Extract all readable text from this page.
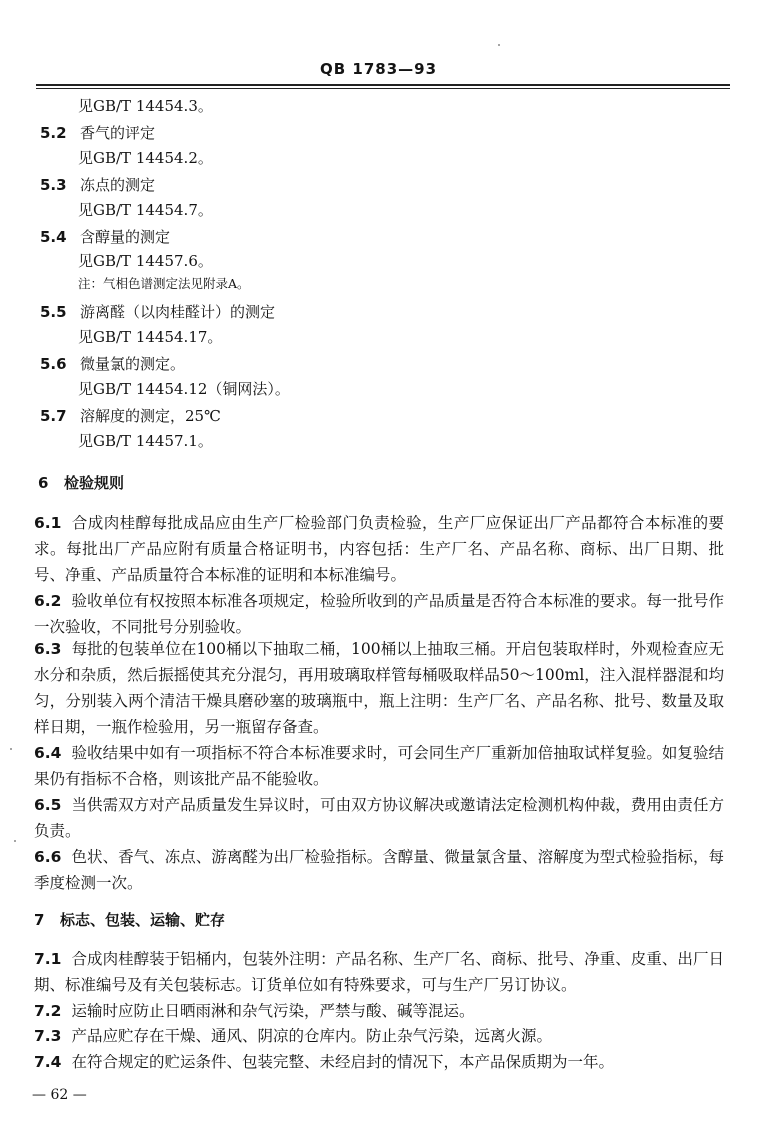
QB 1783—93
见GB/T 14454.3。
5.2 香气的评定
见GB/T 14454.2。
5.3 冻点的测定
见GB/T 14454.7。
5.4 含醇量的测定
见GB/T 14457.6。
注：气相色谱测定法见附录A。
5.5 游离醛（以肉桂醛计）的测定
见GB/T 14454.17。
5.6 微量氯的测定。
见GB/T 14454.12（铜网法）。
5.7 溶解度的测定，25℃
见GB/T 14457.1。
6 检验规则
6.1 合成肉桂醇每批成品应由生产厂检验部门负责检验，生产厂应保证出厂产品都符合本标准的要求。每批出厂产品应附有质量合格证明书，内容包括：生产厂名、产品名称、商标、出厂日期、批号、净重、产品质量符合本标准的证明和本标准编号。
6.2 验收单位有权按照本标准各项规定，检验所收到的产品质量是否符合本标准的要求。每一批号作一次验收，不同批号分别验收。
6.3 每批的包装单位在100桶以下抽取二桶，100桶以上抽取三桶。开启包装取样时，外观检查应无水分和杂质，然后振摇使其充分混匀，再用玻璃取样管每桶吸取样品50～100ml，注入混样器混和均匀，分别装入两个清洁干燥具磨砂塞的玻璃瓶中，瓶上注明：生产厂名、产品名称、批号、数量及取样日期，一瓶作检验用，另一瓶留存备查。
6.4 验收结果中如有一项指标不符合本标准要求时，可会同生产厂重新加倍抽取试样复验。如复验结果仍有指标不合格，则该批产品不能验收。
6.5 当供需双方对产品质量发生异议时，可由双方协议解决或邀请法定检测机构仲裁，费用由责任方负责。
6.6 色状、香气、冻点、游离醛为出厂检验指标。含醇量、微量氯含量、溶解度为型式检验指标，每季度检测一次。
7 标志、包装、运输、贮存
7.1 合成肉桂醇装于铝桶内，包装外注明：产品名称、生产厂名、商标、批号、净重、皮重、出厂日期、标准编号及有关包装标志。订货单位如有特殊要求，可与生产厂另订协议。
7.2 运输时应防止日晒雨淋和杂气污染，严禁与酸、碱等混运。
7.3 产品应贮存在干燥、通风、阴凉的仓库内。防止杂气污染，远离火源。
7.4 在符合规定的贮运条件、包装完整、未经启封的情况下，本产品保质期为一年。
— 62 —
